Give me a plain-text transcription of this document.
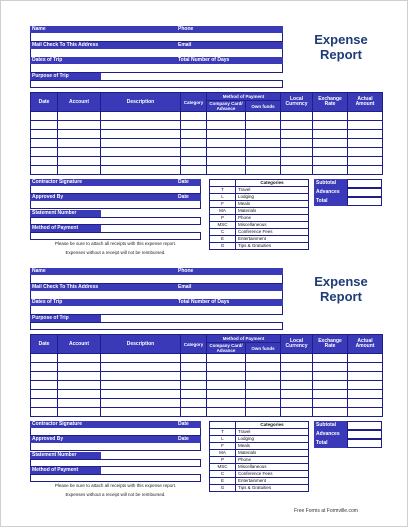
Name	Phone
Mail Check To This Address	Email
Dates of Trip	Total Number of Days
Purpose of Trip
Expense
Report
Date	Account	Description	Category	Method of Payment		Local Currency	Exchange Rate	Actual Amount
				Company Card/ Advance	Own funds			

Contractor Signature	Date
Approved By	Date
Statement Number
Method of Payment
Please be sure to attach all receipts with this expense report.
Expenses without a receipt will not be reimbursed.
	Categories
T	Travel
L	Lodging
F	Meals
MA	Materials
P	Phone
MSC	Miscellaneous
C	Conference Fees
E	Entertainment
G	Tips & Gratuities
Subtotal
Advances
Total
Name	Phone
Mail Check To This Address	Email
Dates of Trip	Total Number of Days
Purpose of Trip
Expense
Report
Date	Account	Description	Category	Method of Payment		Local Currency	Exchange Rate	Actual Amount
				Company Card/ Advance	Own funds			

Contractor Signature	Date
Approved By	Date
Statement Number
Method of Payment
Please be sure to attach all receipts with this expense report.
Expenses without a receipt will not be reimbursed.
	Categories
T	Travel
L	Lodging
F	Meals
MA	Materials
P	Phone
MSC	Miscellaneous
C	Conference Fees
E	Entertainment
G	Tips & Gratuities
Subtotal
Advances
Total
Free Forms at Formville.com
